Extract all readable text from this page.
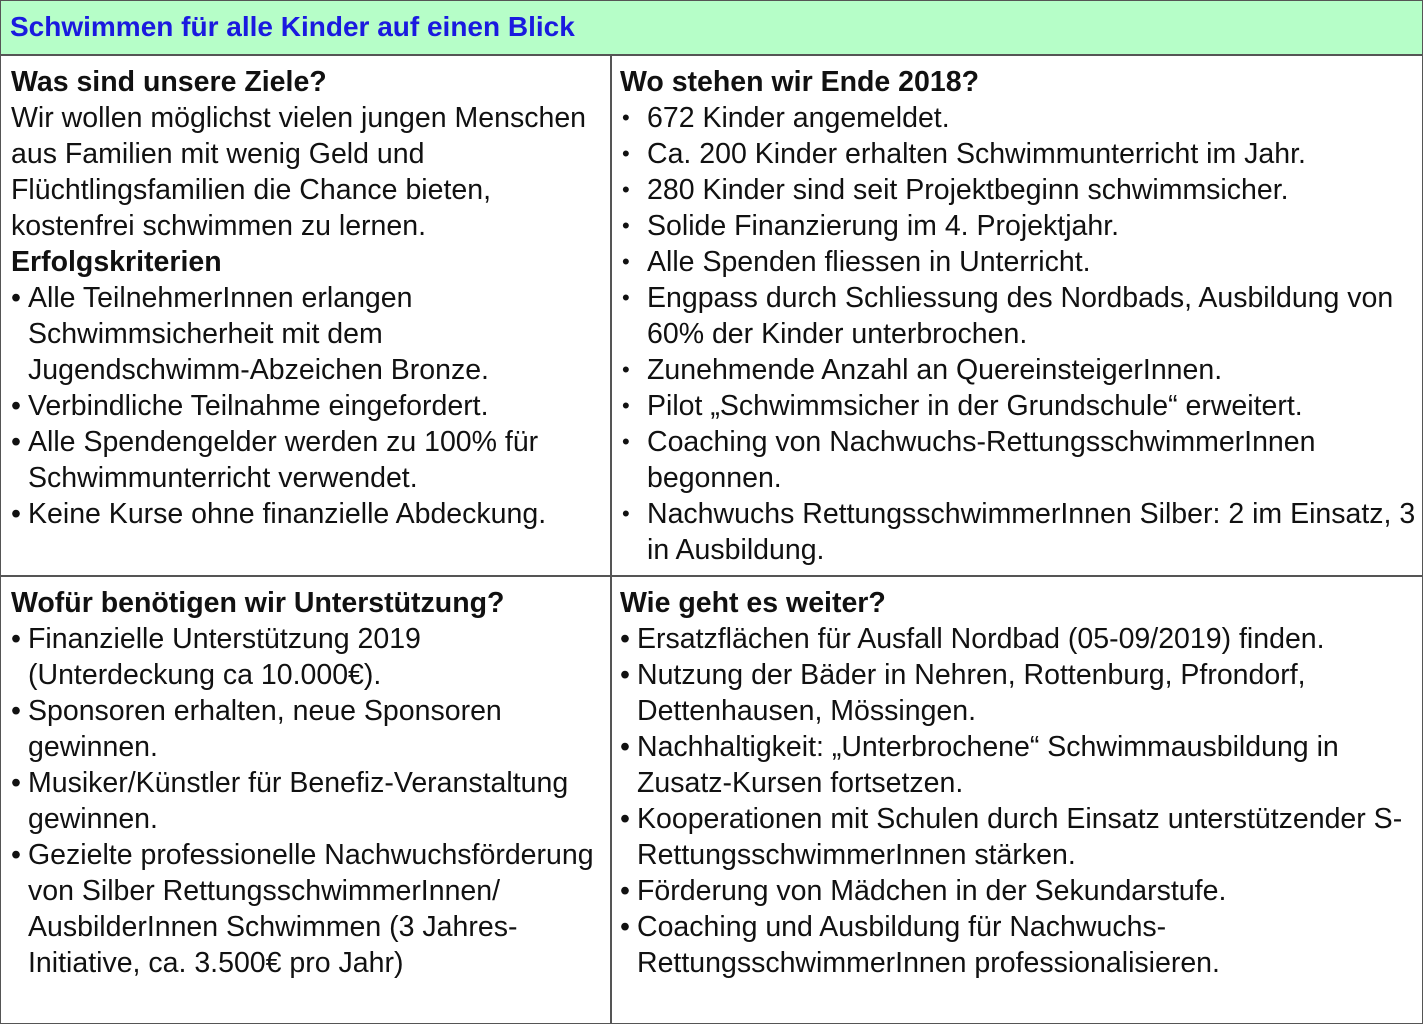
Schwimmen für alle Kinder auf einen Blick
Was sind unsere Ziele?

Wir wollen möglichst vielen jungen Menschen aus Familien mit wenig Geld und Flüchtlingsfamilien die Chance bieten, kostenfrei schwimmen zu lernen.

Erfolgskriterien
• Alle TeilnehmerInnen erlangen Schwimmsicherheit mit dem Jugendschwimm-Abzeichen Bronze.
• Verbindliche Teilnahme eingefordert.
• Alle Spendengelder werden zu 100% für Schwimmunterricht verwendet.
• Keine Kurse ohne finanzielle Abdeckung.
Wo stehen wir Ende 2018?
• 672 Kinder angemeldet.
• Ca. 200 Kinder erhalten Schwimmunterricht im Jahr.
• 280 Kinder sind seit Projektbeginn schwimmsicher.
• Solide Finanzierung im 4. Projektjahr.
• Alle Spenden fliessen in Unterricht.
• Engpass durch Schliessung des Nordbads, Ausbildung von 60% der Kinder unterbrochen.
• Zunehmende Anzahl an QuereinsteigerInnen.
• Pilot „Schwimmsicher in der Grundschule“ erweitert.
• Coaching von Nachwuchs-RettungsschwimmerInnen begonnen.
• Nachwuchs RettungsschwimmerInnen Silber: 2 im Einsatz, 3 in Ausbildung.
Wofür benötigen wir Unterstützung?
• Finanzielle Unterstützung 2019 (Unterdeckung ca 10.000€).
• Sponsoren erhalten, neue Sponsoren gewinnen.
• Musiker/Künstler für Benefiz-Veranstaltung gewinnen.
• Gezielte professionelle Nachwuchsförderung von Silber RettungsschwimmerInnen/ AusbilderInnen Schwimmen (3 Jahres-Initiative, ca. 3.500€ pro Jahr)
Wie geht es weiter?
• Ersatzflächen für Ausfall Nordbad (05-09/2019) finden.
• Nutzung der Bäder in Nehren, Rottenburg, Pfrondorf, Dettenhausen, Mössingen.
• Nachhaltigkeit: „Unterbrochene“ Schwimmausbildung in Zusatz-Kursen fortsetzen.
• Kooperationen mit Schulen durch Einsatz unterstützender S-RettungsschwimmerInnen stärken.
• Förderung von Mädchen in der Sekundarstufe.
• Coaching und Ausbildung für Nachwuchs-RettungsschwimmerInnen professionalisieren.
